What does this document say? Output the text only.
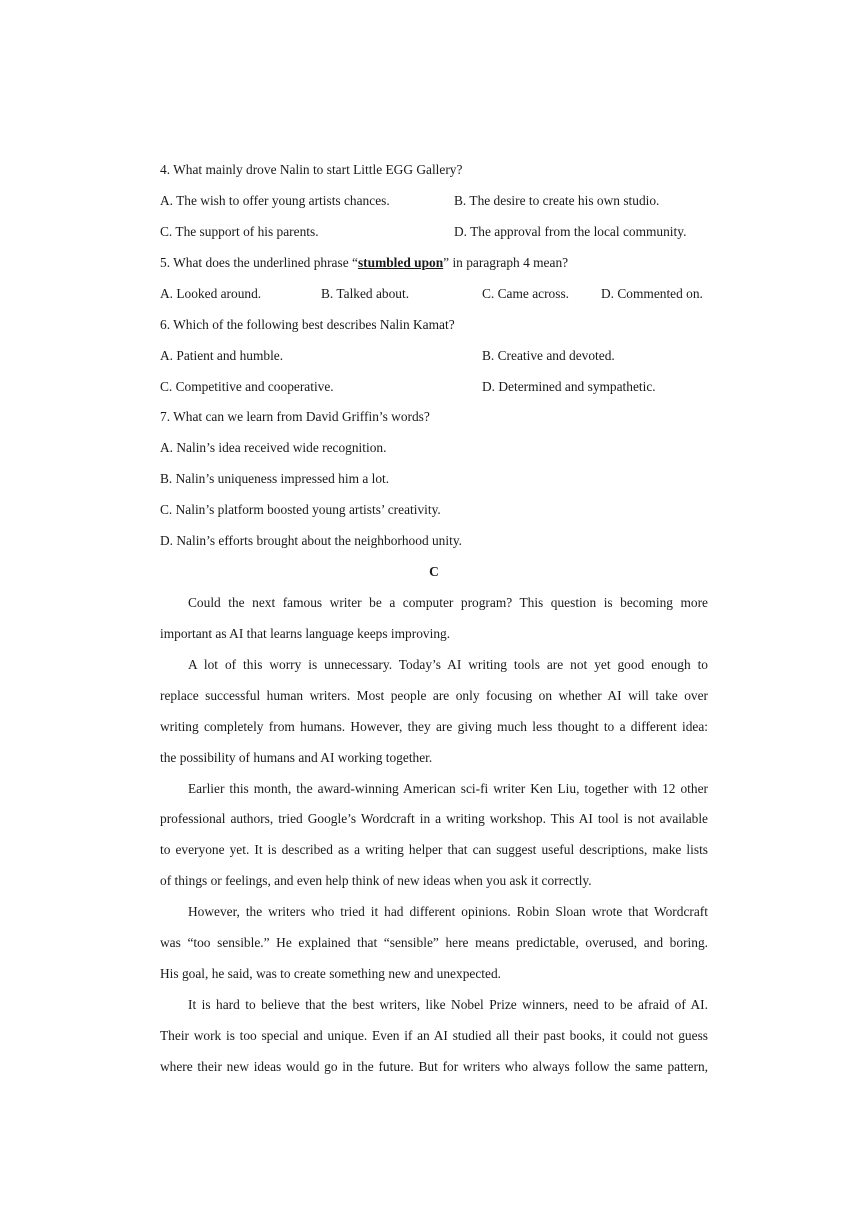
4. What mainly drove Nalin to start Little EGG Gallery?
A. The wish to offer young artists chances.	B. The desire to create his own studio.
C. The support of his parents.	D. The approval from the local community.
5. What does the underlined phrase “stumbled upon” in paragraph 4 mean?
A. Looked around.	B. Talked about.	C. Came across. D. Commented on.
6. Which of the following best describes Nalin Kamat?
A. Patient and humble.	B. Creative and devoted.
C. Competitive and cooperative.	D. Determined and sympathetic.
7. What can we learn from David Griffin’s words?
A. Nalin’s idea received wide recognition.
B. Nalin’s uniqueness impressed him a lot.
C. Nalin’s platform boosted young artists’ creativity.
D. Nalin’s efforts brought about the neighborhood unity.
C
Could the next famous writer be a computer program? This question is becoming more
important as AI that learns language keeps improving.
A lot of this worry is unnecessary. Today’s AI writing tools are not yet good enough to
replace successful human writers. Most people are only focusing on whether AI will take over
writing completely from humans. However, they are giving much less thought to a different idea:
the possibility of humans and AI working together.
Earlier this month, the award-winning American sci-fi writer Ken Liu, together with 12 other
professional authors, tried Google’s Wordcraft in a writing workshop. This AI tool is not available
to everyone yet. It is described as a writing helper that can suggest useful descriptions, make lists
of things or feelings, and even help think of new ideas when you ask it correctly.
However, the writers who tried it had different opinions. Robin Sloan wrote that Wordcraft
was “too sensible.” He explained that “sensible” here means predictable, overused, and boring.
His goal, he said, was to create something new and unexpected.
It is hard to believe that the best writers, like Nobel Prize winners, need to be afraid of AI.
Their work is too special and unique. Even if an AI studied all their past books, it could not guess
where their new ideas would go in the future. But for writers who always follow the same pattern,
